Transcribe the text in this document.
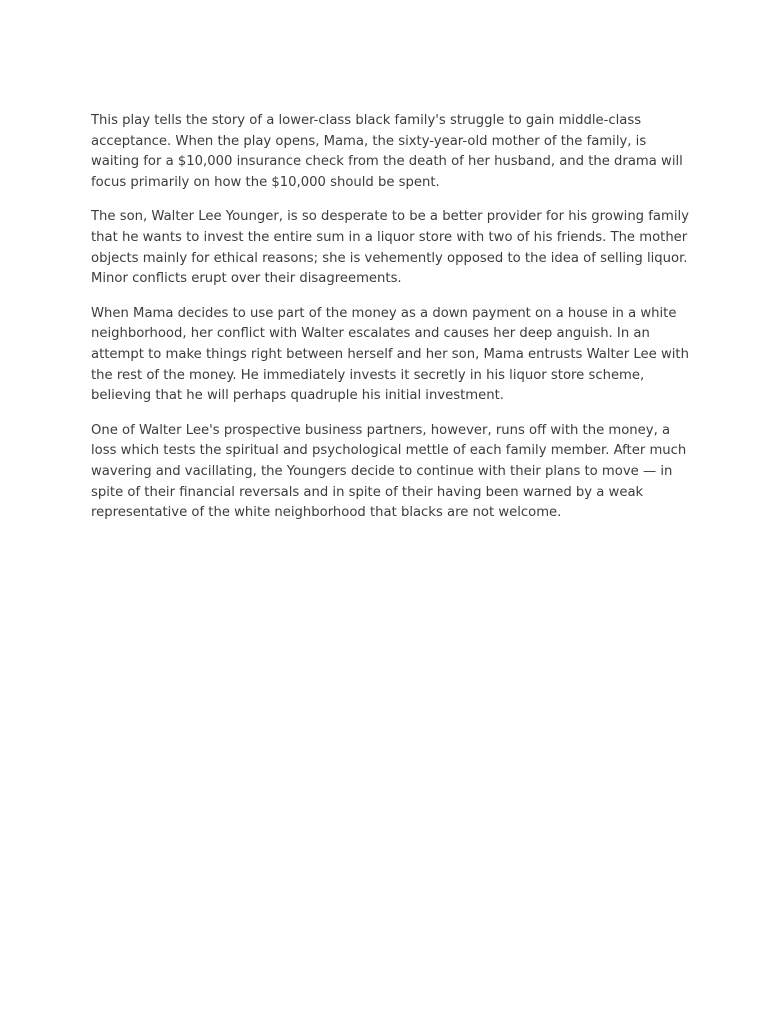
This play tells the story of a lower-class black family's struggle to gain middle-class acceptance. When the play opens, Mama, the sixty-year-old mother of the family, is waiting for a $10,000 insurance check from the death of her husband, and the drama will focus primarily on how the $10,000 should be spent.

The son, Walter Lee Younger, is so desperate to be a better provider for his growing family that he wants to invest the entire sum in a liquor store with two of his friends. The mother objects mainly for ethical reasons; she is vehemently opposed to the idea of selling liquor. Minor conflicts erupt over their disagreements.

When Mama decides to use part of the money as a down payment on a house in a white neighborhood, her conflict with Walter escalates and causes her deep anguish. In an attempt to make things right between herself and her son, Mama entrusts Walter Lee with the rest of the money. He immediately invests it secretly in his liquor store scheme, believing that he will perhaps quadruple his initial investment.

One of Walter Lee's prospective business partners, however, runs off with the money, a loss which tests the spiritual and psychological mettle of each family member. After much wavering and vacillating, the Youngers decide to continue with their plans to move — in spite of their financial reversals and in spite of their having been warned by a weak representative of the white neighborhood that blacks are not welcome.
